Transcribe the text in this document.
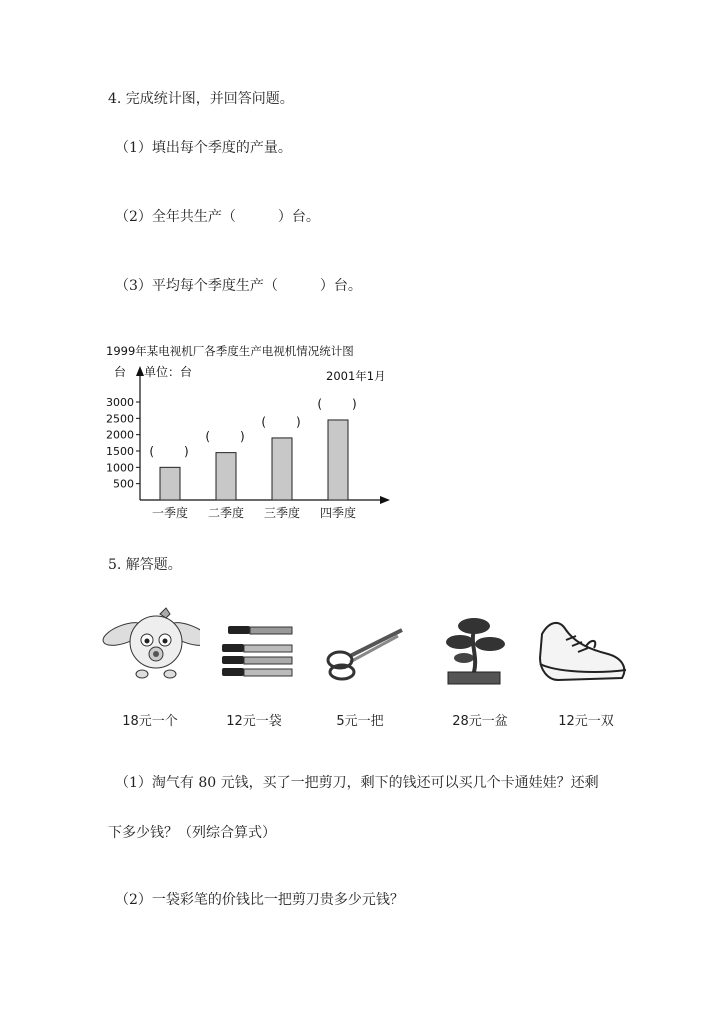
4. 完成统计图，并回答问题。
（1）填出每个季度的产量。
（2）全年共生产（　　　）台。
（3）平均每个季度生产（　　　）台。
1999年某电视机厂各季度生产电视机情况统计图
台 单位：台	2001年1月
500
1000
1500
2000
2500
3000
(　　)
一季度
(　　)
二季度
(　　)
三季度
(　　)
四季度
5. 解答题。
18元一个	12元一袋	5元一把	28元一盆	12元一双
（1）淘气有 80 元钱，买了一把剪刀，剩下的钱还可以买几个卡通娃娃？还剩
下多少钱？（列综合算式）
（2）一袋彩笔的价钱比一把剪刀贵多少元钱？
